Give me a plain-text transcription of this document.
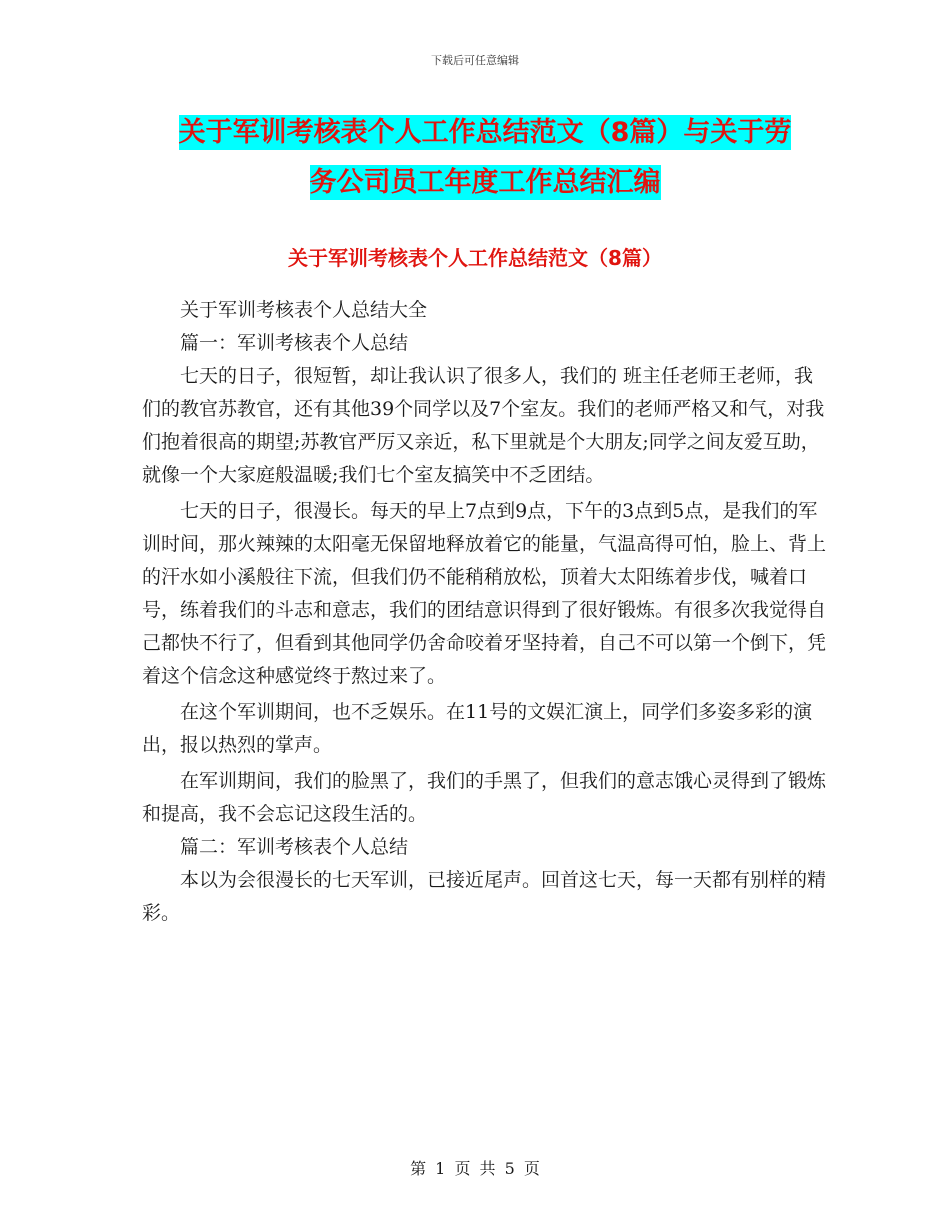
下载后可任意编辑
关于军训考核表个人工作总结范文（8篇）与关于劳
务公司员工年度工作总结汇编
关于军训考核表个人工作总结范文（8篇）

关于军训考核表个人总结大全

篇一：军训考核表个人总结

七天的日子，很短暂，却让我认识了很多人，我们的 班主任老师王老师，我们的教官苏教官，还有其他39个同学以及7个室友。我们的老师严格又和气，对我们抱着很高的期望;苏教官严厉又亲近，私下里就是个大朋友;同学之间友爱互助，就像一个大家庭般温暖;我们七个室友搞笑中不乏团结。

七天的日子，很漫长。每天的早上7点到9点，下午的3点到5点，是我们的军训时间，那火辣辣的太阳毫无保留地释放着它的能量，气温高得可怕，脸上、背上的汗水如小溪般往下流，但我们仍不能稍稍放松，顶着大太阳练着步伐，喊着口号，练着我们的斗志和意志，我们的团结意识得到了很好锻炼。有很多次我觉得自己都快不行了，但看到其他同学仍舍命咬着牙坚持着，自己不可以第一个倒下，凭着这个信念这种感觉终于熬过来了。

在这个军训期间，也不乏娱乐。在11号的文娱汇演上，同学们多姿多彩的演出，报以热烈的掌声。

在军训期间，我们的脸黑了，我们的手黑了，但我们的意志饿心灵得到了锻炼和提高，我不会忘记这段生活的。

篇二：军训考核表个人总结

本以为会很漫长的七天军训，已接近尾声。回首这七天，每一天都有别样的精彩。

第 1 页 共 5 页
